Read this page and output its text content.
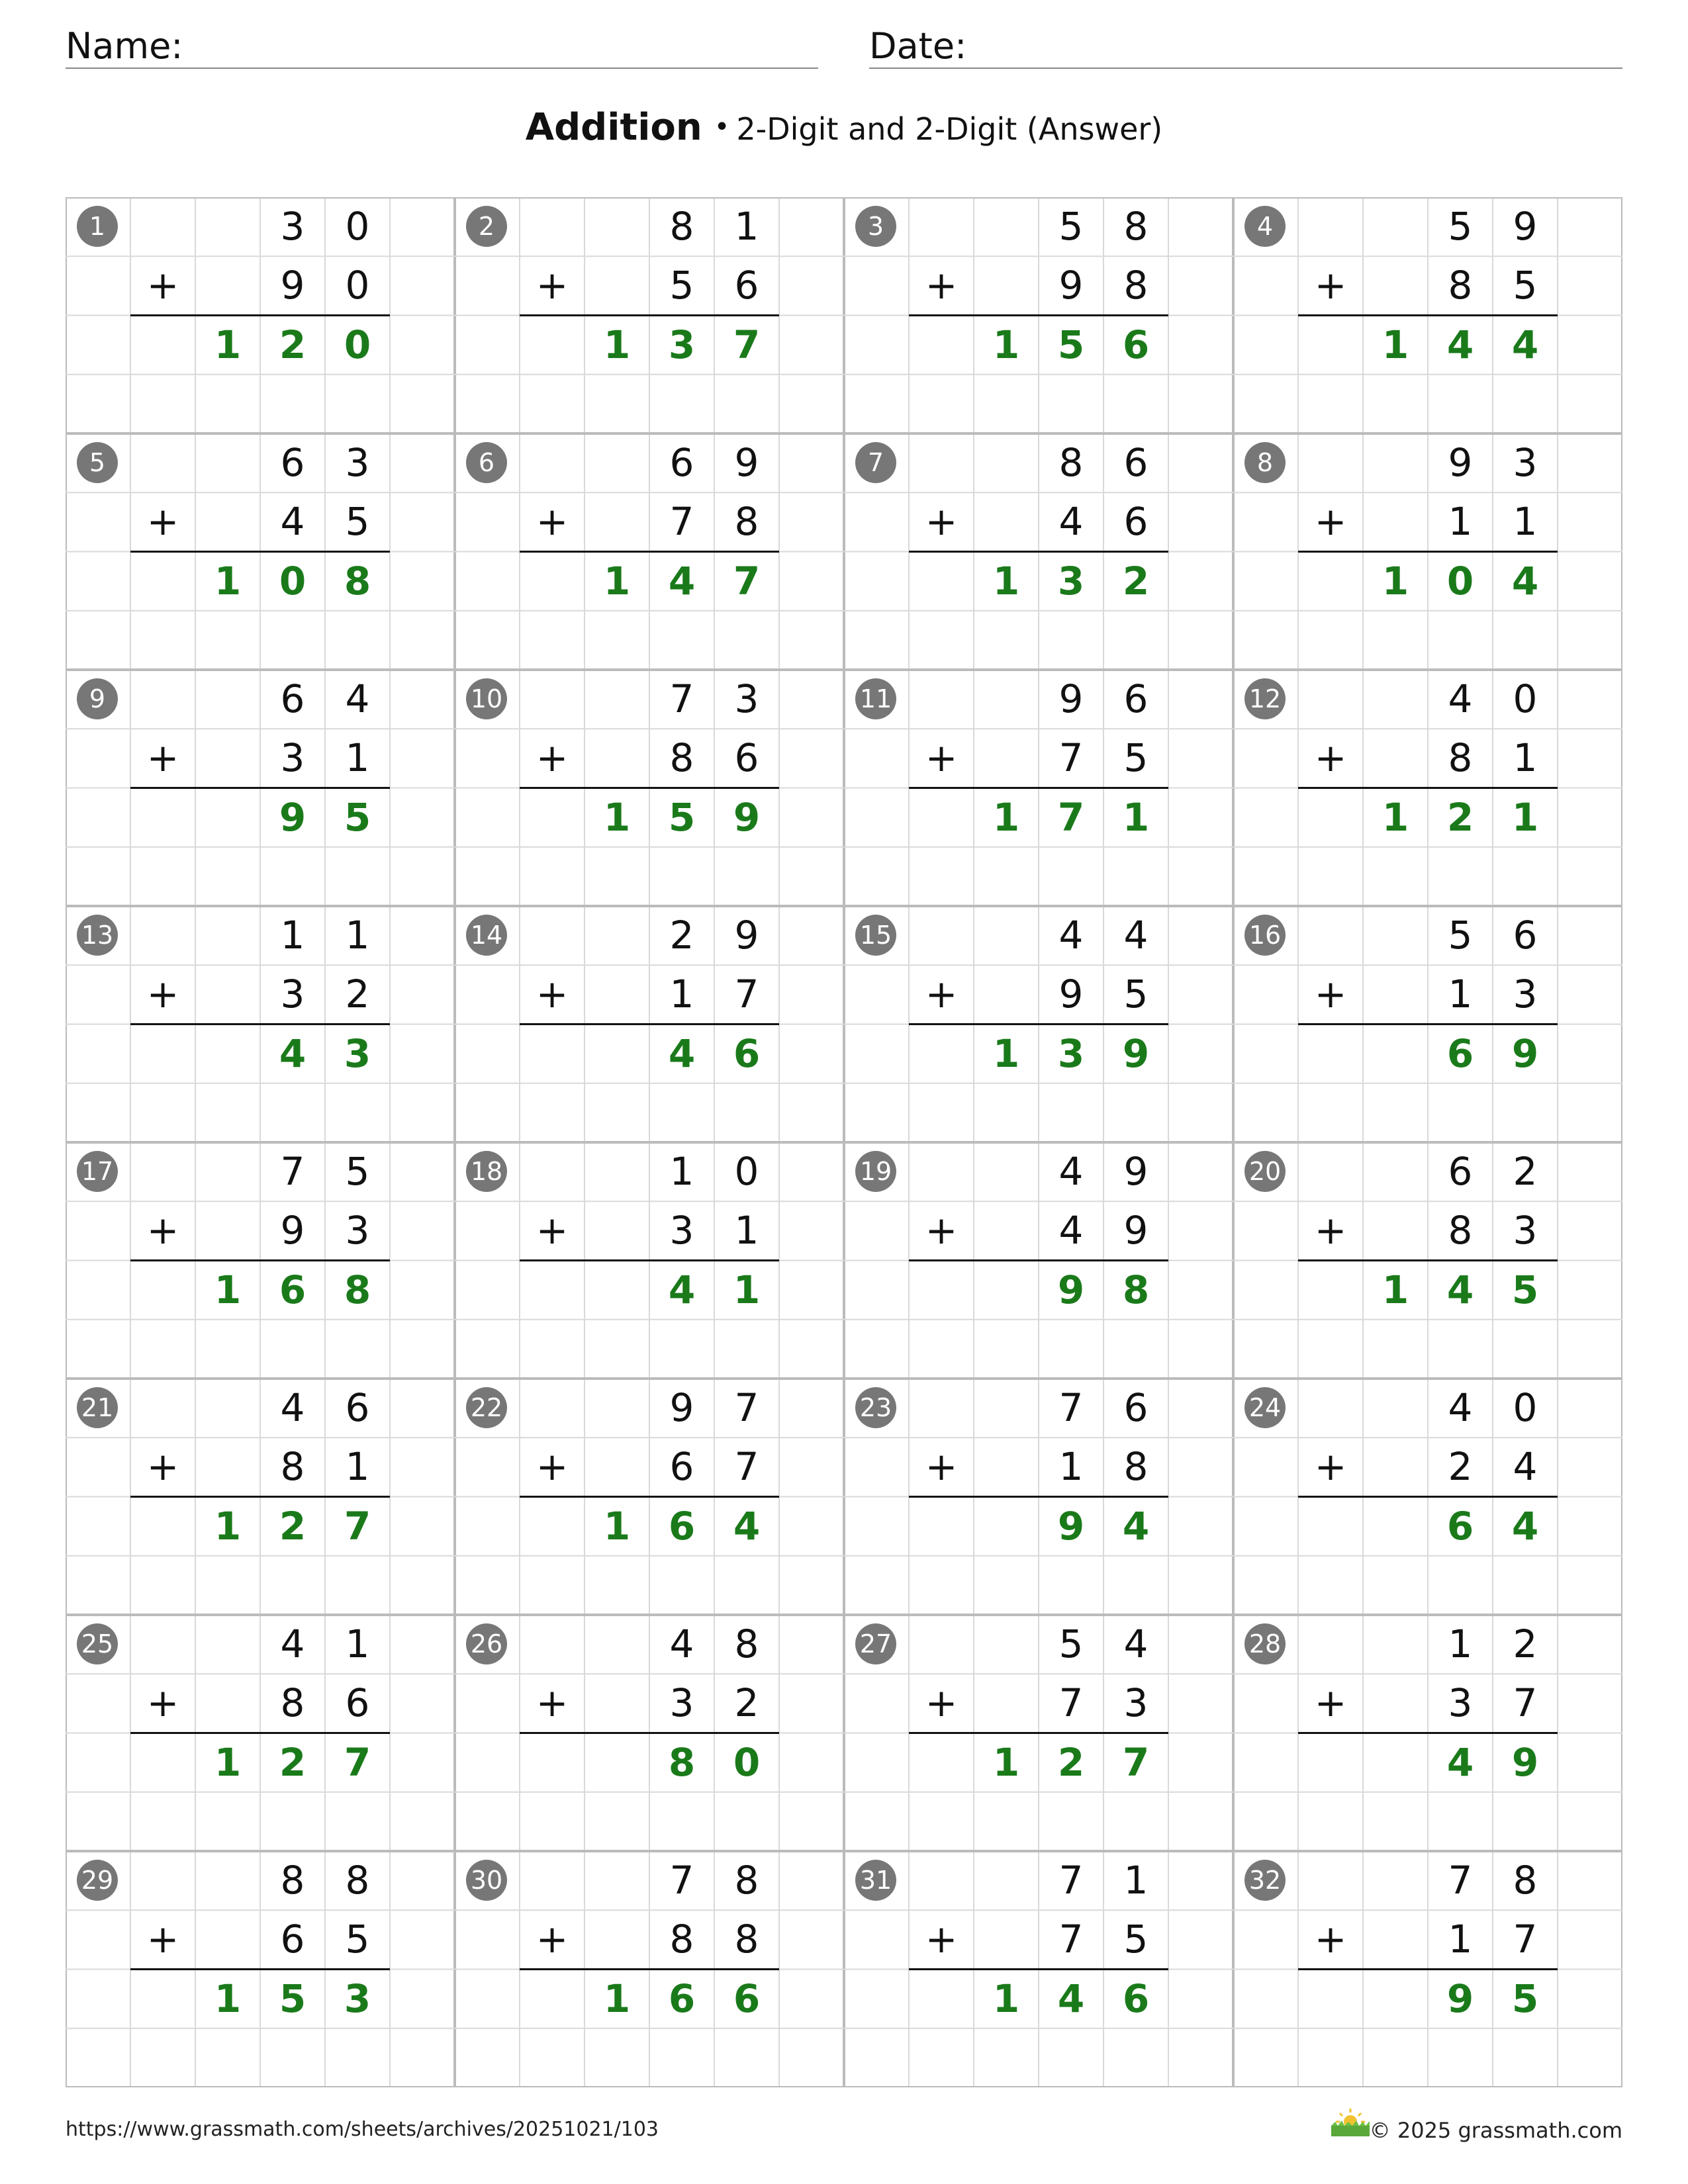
Name:	Date:
Addition • 2-Digit and 2-Digit (Answer)
1	3	0
+	9	0
1 2 0
2	8	1
+	5	6
1 3 7
3	5	8
+	9	8
1 5 6
4	5	9
+	8	5
1 4 4
5	6	3
+	4	5
1 0 8
6	6	9
+	7	8
1 4 7
7	8	6
+	4	6
1 3 2
8	9	3
+	1	1
1 0 4
9	6	4
+	3	1
9 5
10	7	3
+	8	6
1 5 9
11	9	6
+	7	5
1 7 1
12	4	0
+	8	1
1 2 1
13	1	1
+	3	2
4 3
14	2	9
+	1	7
4 6
15	4	4
+	9	5
1 3 9
16	5	6
+	1	3
6 9
17	7	5
+	9	3
1 6 8
18	1	0
+	3	1
4 1
19	4	9
+	4	9
9 8
20	6	2
+	8	3
1 4 5
21	4	6
+	8	1
1 2 7
22	9	7
+	6	7
1 6 4
23	7	6
+	1	8
9 4
24	4	0
+	2	4
6 4
25	4	1
+	8	6
1 2 7
26	4	8
+	3	2
8 0
27	5	4
+	7	3
1 2 7
28	1	2
+	3	7
4 9
29	8	8
+	6	5
1 5 3
30	7	8
+	8	8
1 6 6
31	7	1
+	7	5
1 4 6
32	7	8
+	1	7
9 5
https://www.grassmath.com/sheets/archives/20251021/103	© 2025 grassmath.com
